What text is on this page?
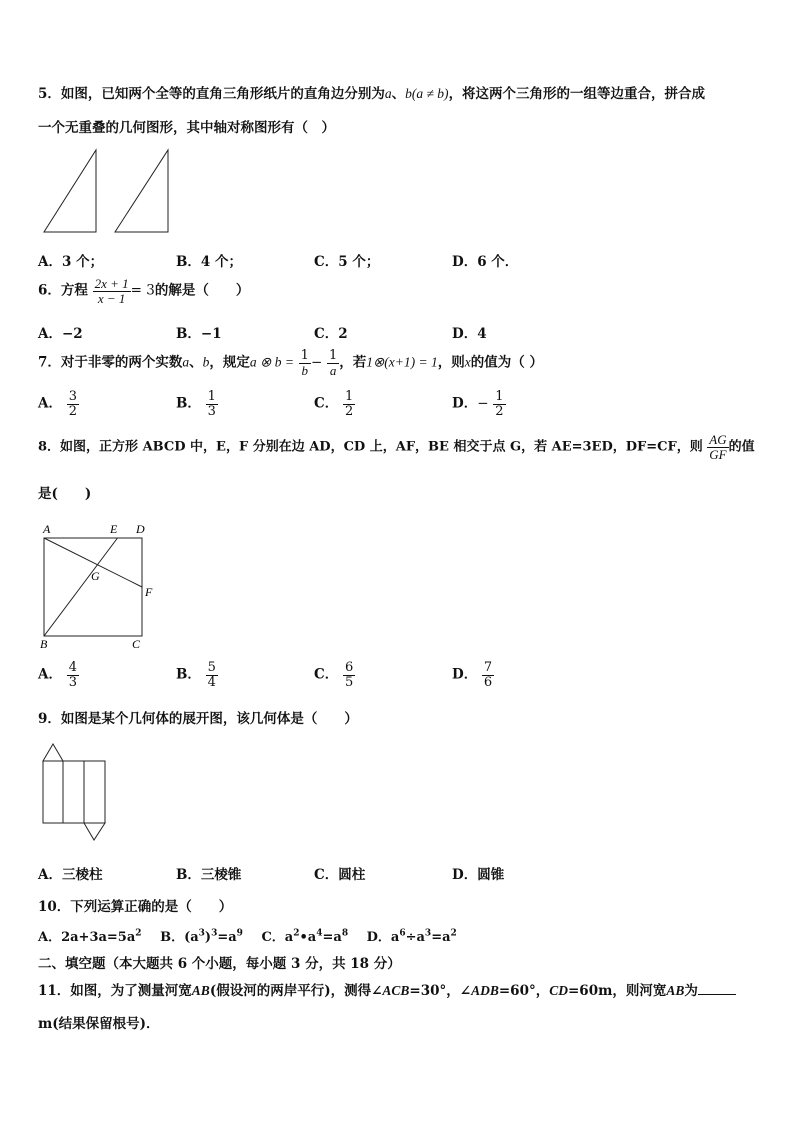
5．如图，已知两个全等的直角三角形纸片的直角边分别为a、b(a ≠ b)，将这两个三角形的一组等边重合，拼合成
一个无重叠的几何图形，其中轴对称图形有（　）
A．3 个；	B．4 个；	C．5 个；	D．6 个．
6．方程 $\frac{2x + 1}{x - 1} = 3$的解是（　　）
A．−2	B．−1	C．2	D．4
7．对于非零的两个实数a、b，规定a ⊗ $b = \frac{1}{b} - \frac{1}{a}$ ，若1⊗(x+1) = 1，则x的值为（ ）
A． $\frac{3}{2}$	B． $\frac{1}{3}$	C． $\frac{1}{2}$	D．− $\frac{1}{2}$
8．如图，正方形 ABCD 中，E，F 分别在边 AD，CD 上，AF，BE 相交于点 G，若 AE=3ED，DF=CF，则 $\frac{AG}{GF}$ 的值
是(　　)
A	E D
G
F
B	C
A． $\frac{4}{3}$	B． $\frac{5}{4}$	C． $\frac{6}{5}$	D． $\frac{7}{6}$
9．如图是某个几何体的展开图，该几何体是（　　）
A．三棱柱	B．三棱锥	C．圆柱	D．圆锥
10．下列运算正确的是（　　）
A．$2a+3a=5a^2$ B．$(a^3)^3=a^9$ C．$a^2•a^4=a^8$ D．$a^6\div a^3=a^2$
二、填空题（本大题共 6 个小题，每小题 3 分，共 18 分）
11．如图，为了测量河宽AB(假设河的两岸平行)，测得∠ACB=30°，∠ADB=60°，CD=60m，则河宽AB为
m(结果保留根号)．
